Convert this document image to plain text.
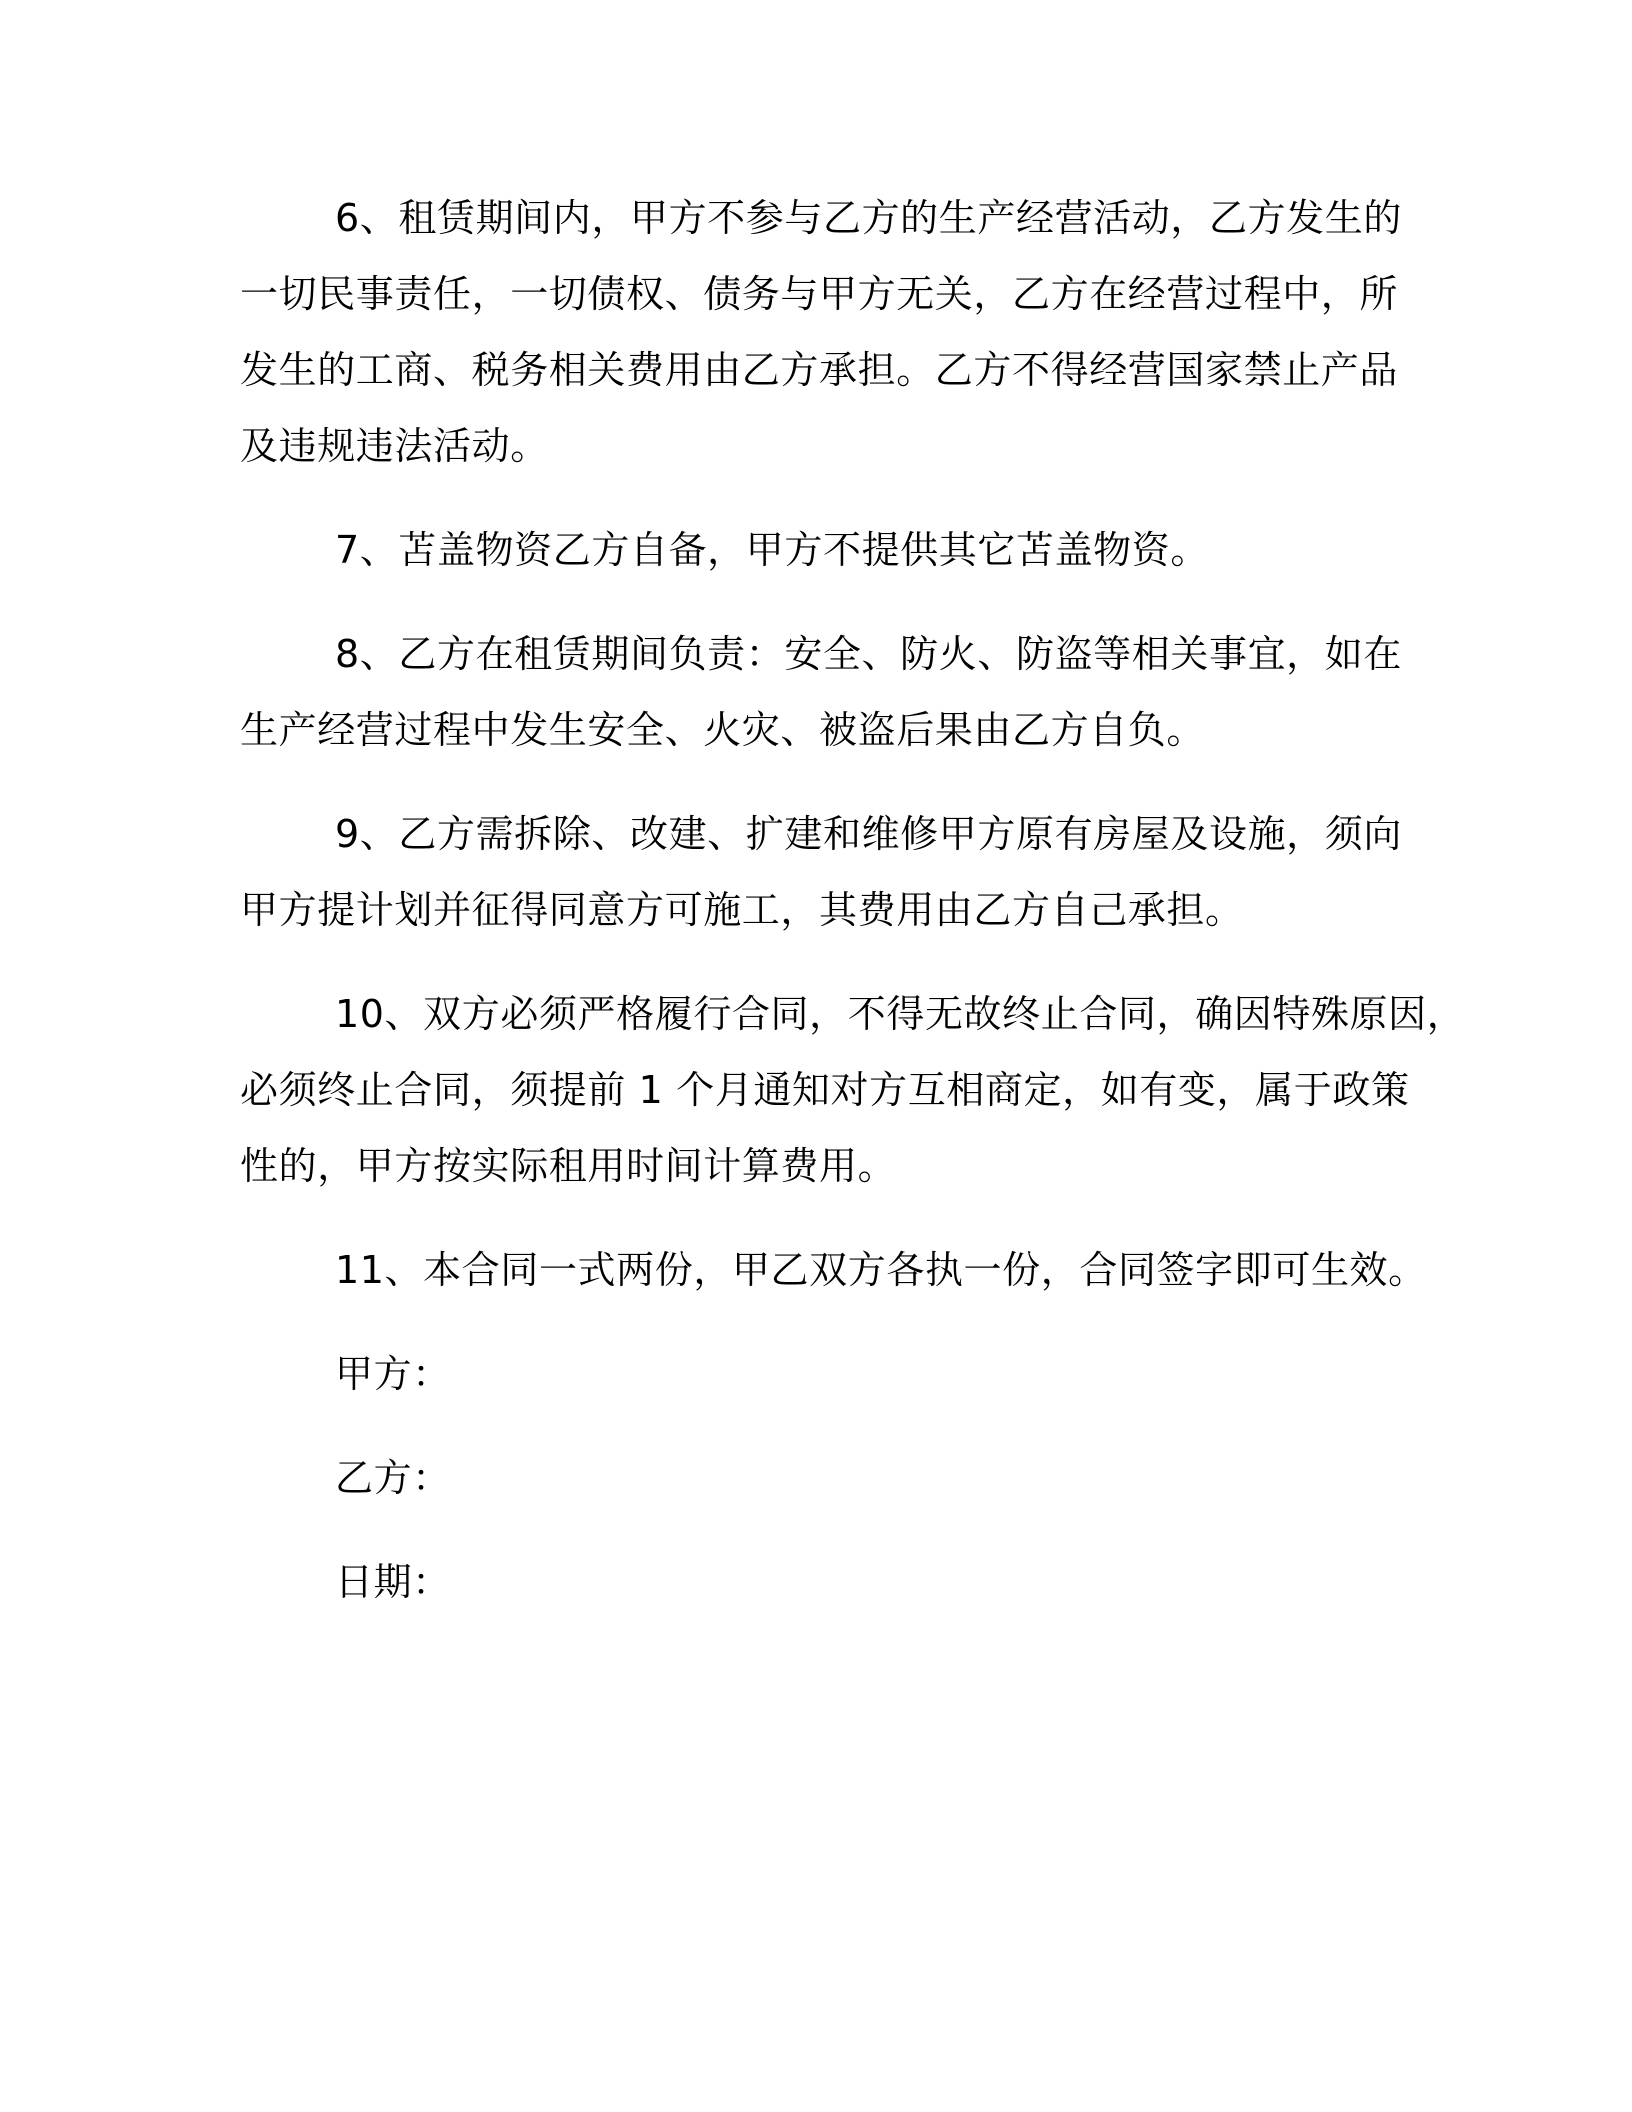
6、租赁期间内，甲方不参与乙方的生产经营活动，乙方发生的
一切民事责任，一切债权、债务与甲方无关，乙方在经营过程中，所
发生的工商、税务相关费用由乙方承担。乙方不得经营国家禁止产品
及违规违法活动。
7、苫盖物资乙方自备，甲方不提供其它苫盖物资。
8、乙方在租赁期间负责：安全、防火、防盗等相关事宜，如在
生产经营过程中发生安全、火灾、被盗后果由乙方自负。
9、乙方需拆除、改建、扩建和维修甲方原有房屋及设施，须向
甲方提计划并征得同意方可施工，其费用由乙方自己承担。
10、双方必须严格履行合同，不得无故终止合同，确因特殊原因，
必须终止合同，须提前 1 个月通知对方互相商定，如有变，属于政策
性的，甲方按实际租用时间计算费用。
11、本合同一式两份，甲乙双方各执一份，合同签字即可生效。
甲方：
乙方：
日期：
